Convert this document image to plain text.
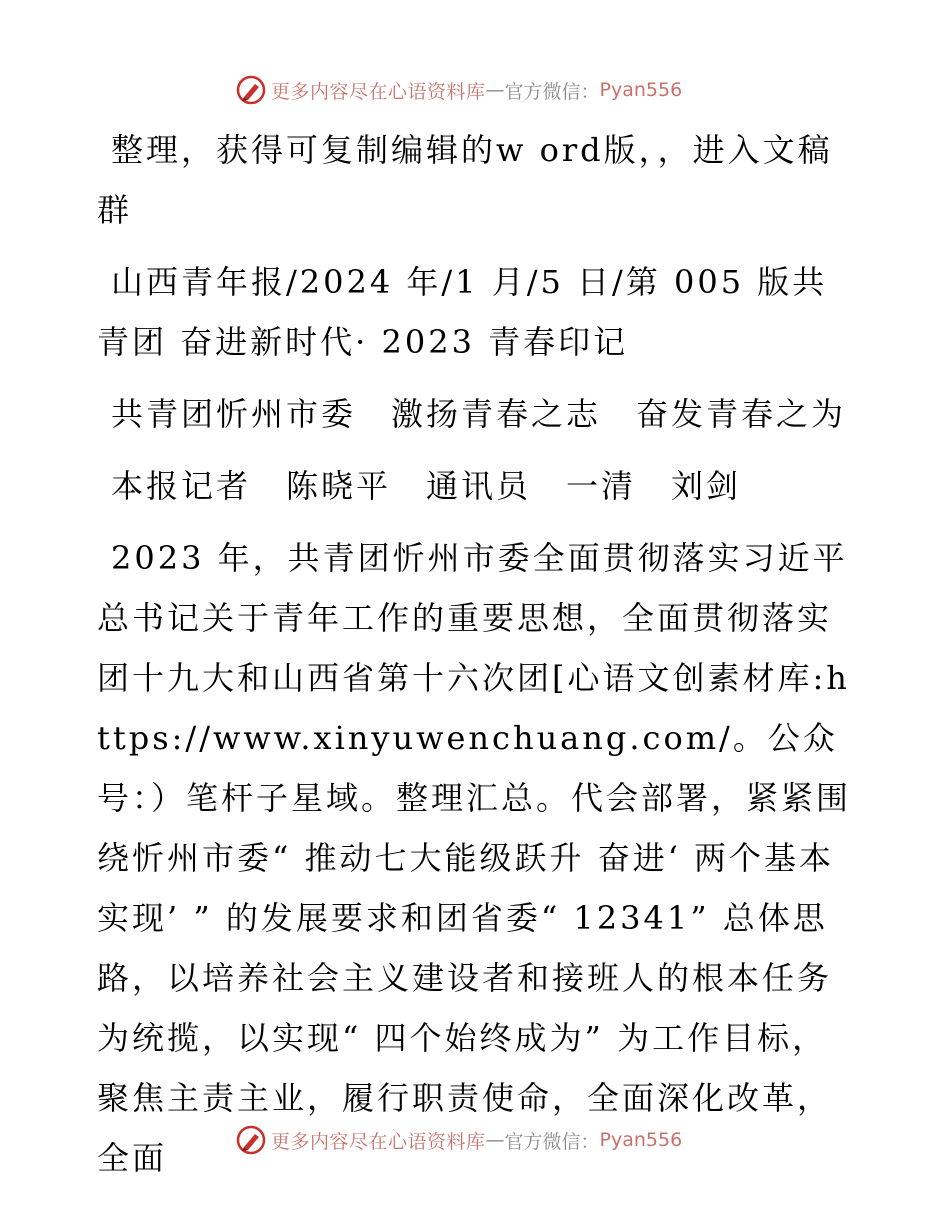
更多内容尽在心语资料库 — 官方微信： Pyan556

整理，获得可复制编辑的w ord版，，进入文稿群

山西青年报/2024 年/1 月/5 日/第 005 版共青团 奋进新时代· 2023 青春印记

共青团忻州市委　激扬青春之志　奋发青春之为

本报记者　陈晓平　通讯员　一清　刘剑

2023 年，共青团忻州市委全面贯彻落实习近平总书记关于青年工作的重要思想，全面贯彻落实团十九大和山西省第十六次团[心语文创素材库:https://www.xinyuwenchuang.com/。公众号：）笔杆子星域。整理汇总。代会部署，紧紧围绕忻州市委“ 推动七大能级跃升 奋进‘ 两个基本实现’ ” 的发展要求和团省委“ 12341” 总体思路，以培养社会主义建设者和接班人的根本任务为统揽，以实现“ 四个始终成为” 为工作目标，聚焦主责主业，履行职责使命，全面深化改革，全面	更多内容尽在心语资料库 — 官方微信： Pyan556
